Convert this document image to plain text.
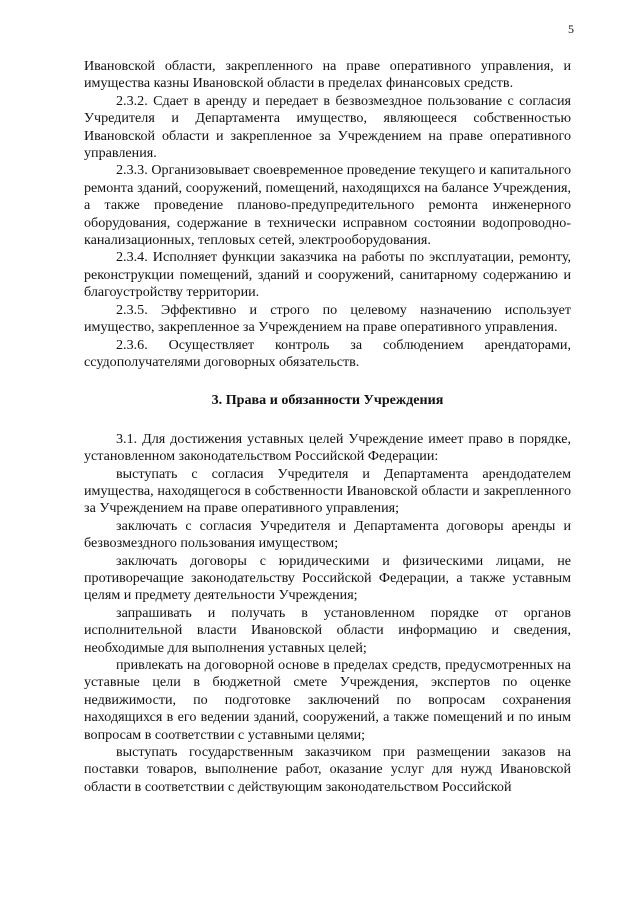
5

Ивановской области, закрепленного на праве оперативного управления, и имущества казны Ивановской области в пределах финансовых средств.

2.3.2. Сдает в аренду и передает в безвозмездное пользование с согласия Учредителя и Департамента имущество, являющееся собственностью Ивановской области и закрепленное за Учреждением на праве оперативного управления.

2.3.3. Организовывает своевременное проведение текущего и капитального ремонта зданий, сооружений, помещений, находящихся на балансе Учреждения, а также проведение планово-предупредительного ремонта инженерного оборудования, содержание в технически исправном состоянии водопроводно-канализационных, тепловых сетей, электрооборудования.

2.3.4. Исполняет функции заказчика на работы по эксплуатации, ремонту, реконструкции помещений, зданий и сооружений, санитарному содержанию и благоустройству территории.

2.3.5. Эффективно и строго по целевому назначению использует имущество, закрепленное за Учреждением на праве оперативного управления.

2.3.6. Осуществляет контроль за соблюдением арендаторами, ссудополучателями договорных обязательств.

3. Права и обязанности Учреждения

3.1. Для достижения уставных целей Учреждение имеет право в порядке, установленном законодательством Российской Федерации:

выступать с согласия Учредителя и Департамента арендодателем имущества, находящегося в собственности Ивановской области и закрепленного за Учреждением на праве оперативного управления;

заключать с согласия Учредителя и Департамента договоры аренды и безвозмездного пользования имуществом;

заключать договоры с юридическими и физическими лицами, не противоречащие законодательству Российской Федерации, а также уставным целям и предмету деятельности Учреждения;

запрашивать и получать в установленном порядке от органов исполнительной власти Ивановской области информацию и сведения, необходимые для выполнения уставных целей;

привлекать на договорной основе в пределах средств, предусмотренных на уставные цели в бюджетной смете Учреждения, экспертов по оценке недвижимости, по подготовке заключений по вопросам сохранения находящихся в его ведении зданий, сооружений, а также помещений и по иным вопросам в соответствии с уставными целями;

выступать государственным заказчиком при размещении заказов на поставки товаров, выполнение работ, оказание услуг для нужд Ивановской области в соответствии с действующим законодательством Российской
